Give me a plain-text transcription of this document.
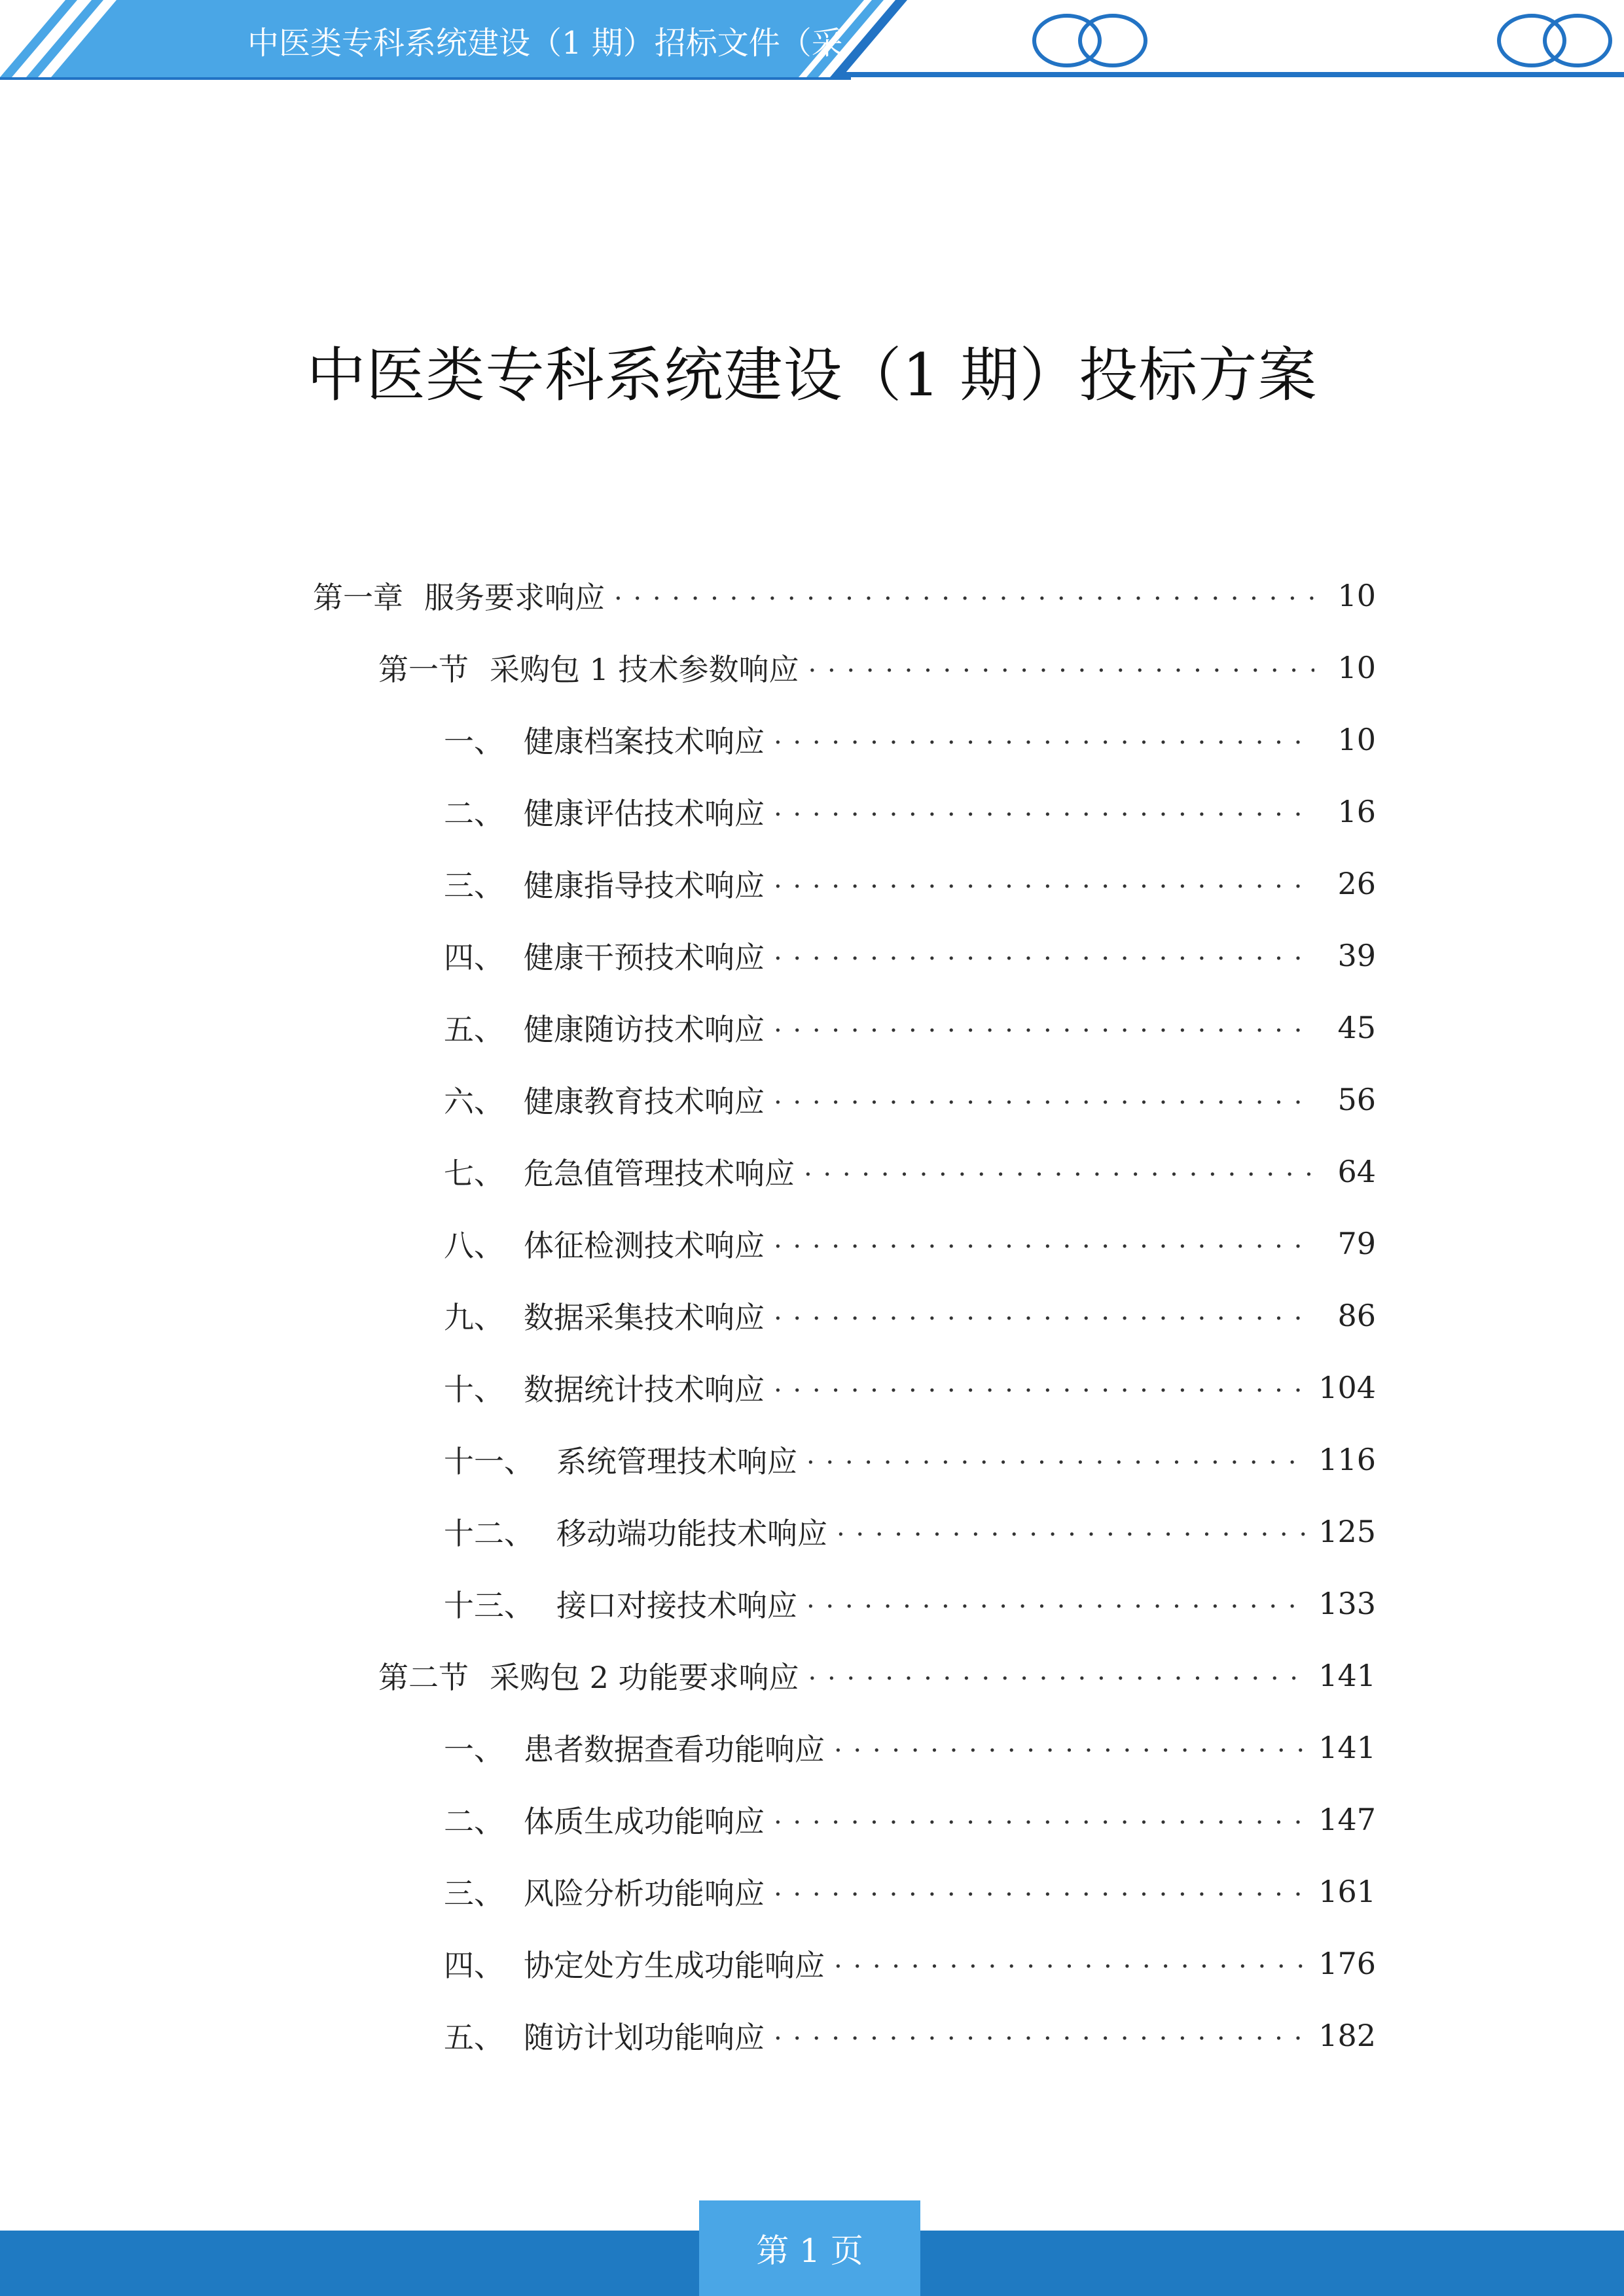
中医类专科系统建设（1 期）招标文件（采
中医类专科系统建设（1 期）投标方案
第一章 服务要求响应 . . .	10
第一节 采购包 1 技术参数响应 . . .	10
一、 健康档案技术响应 . . .	10
二、 健康评估技术响应 . . .	16
三、 健康指导技术响应 . . .	26
四、 健康干预技术响应 . . .	39
五、 健康随访技术响应 . . .	45
六、 健康教育技术响应 . . .	56
七、 危急值管理技术响应 . . .	64
八、 体征检测技术响应 . . .	79
九、 数据采集技术响应 . . .	86
十、 数据统计技术响应 . . .	104
十一、 系统管理技术响应 . . .	116
十二、 移动端功能技术响应 . . .	125
十三、 接口对接技术响应 . . .	133
第二节 采购包 2 功能要求响应 . . .	141
一、 患者数据查看功能响应 . . .	141
二、 体质生成功能响应 . . .	147
三、 风险分析功能响应 . . .	161
四、 协定处方生成功能响应 . . .	176
五、 随访计划功能响应 . . .	182
第 1 页
